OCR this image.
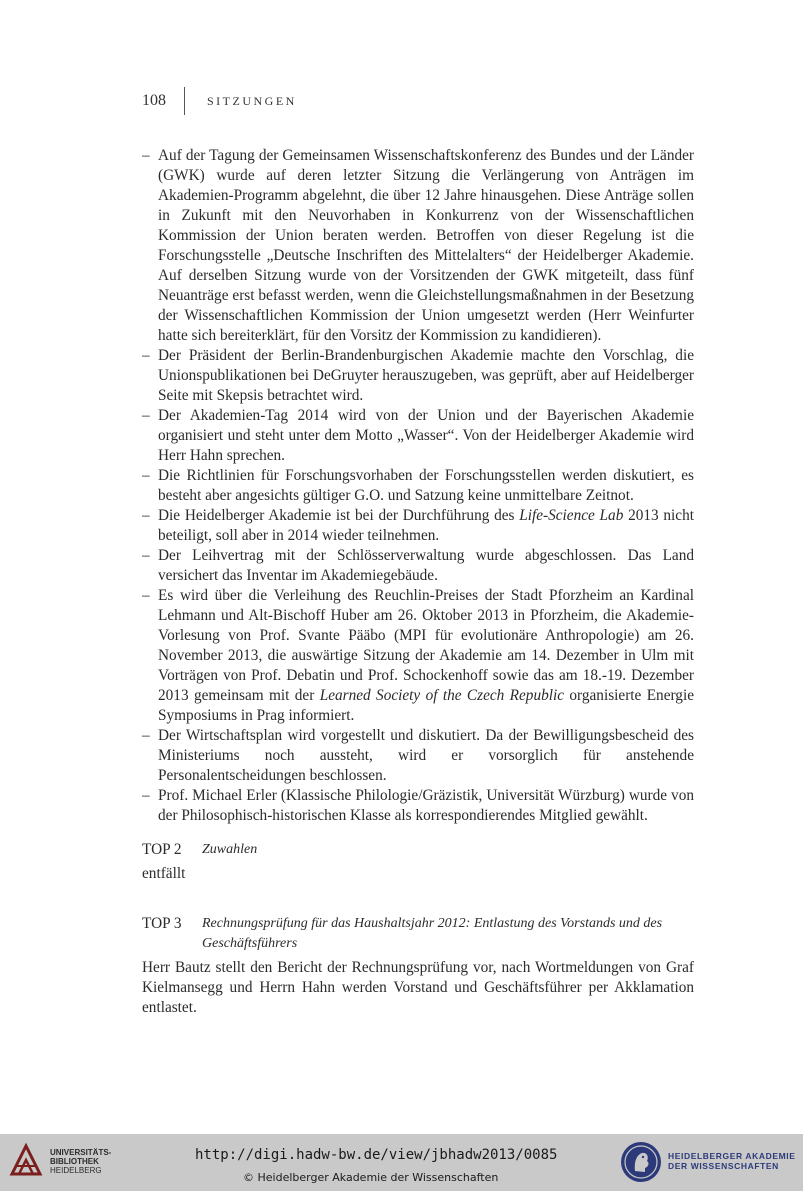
108	SITZUNGEN
– Auf der Tagung der Gemeinsamen Wissenschaftskonferenz des Bundes und der Länder (GWK) wurde auf deren letzter Sitzung die Verlängerung von Anträgen im Akademien-Programm abgelehnt, die über 12 Jahre hinausgehen. Diese Anträge sollen in Zukunft mit den Neuvorhaben in Konkurrenz von der Wissenschaftlichen Kommission der Union beraten werden. Betroffen von dieser Regelung ist die Forschungsstelle „Deutsche Inschriften des Mittelalters“ der Heidelberger Akademie. Auf derselben Sitzung wurde von der Vorsitzenden der GWK mitgeteilt, dass fünf Neuanträge erst befasst werden, wenn die Gleichstellungsmaßnahmen in der Besetzung der Wissenschaftlichen Kommission der Union umgesetzt werden (Herr Weinfurter hatte sich bereiterklärt, für den Vorsitz der Kommission zu kandidieren).
– Der Präsident der Berlin-Brandenburgischen Akademie machte den Vorschlag, die Unionspublikationen bei DeGruyter herauszugeben, was geprüft, aber auf Heidelberger Seite mit Skepsis betrachtet wird.
– Der Akademien-Tag 2014 wird von der Union und der Bayerischen Akademie organisiert und steht unter dem Motto „Wasser“. Von der Heidelberger Akademie wird Herr Hahn sprechen.
– Die Richtlinien für Forschungsvorhaben der Forschungsstellen werden diskutiert, es besteht aber angesichts gültiger G.O. und Satzung keine unmittelbare Zeitnot.
– Die Heidelberger Akademie ist bei der Durchführung des Life-Science Lab 2013 nicht beteiligt, soll aber in 2014 wieder teilnehmen.
– Der Leihvertrag mit der Schlösserverwaltung wurde abgeschlossen. Das Land versichert das Inventar im Akademiegebäude.
– Es wird über die Verleihung des Reuchlin-Preises der Stadt Pforzheim an Kardinal Lehmann und Alt-Bischoff Huber am 26. Oktober 2013 in Pforzheim, die Akademie-Vorlesung von Prof. Svante Pääbo (MPI für evolutionäre Anthropologie) am 26. November 2013, die auswärtige Sitzung der Akademie am 14. Dezember in Ulm mit Vorträgen von Prof. Debatin und Prof. Schockenhoff sowie das am 18.-19. Dezember 2013 gemeinsam mit der Learned Society of the Czech Republic organisierte Energie Symposiums in Prag informiert.
– Der Wirtschaftsplan wird vorgestellt und diskutiert. Da der Bewilligungsbescheid des Ministeriums noch aussteht, wird er vorsorglich für anstehende Personalentscheidungen beschlossen.
– Prof. Michael Erler (Klassische Philologie/Gräzistik, Universität Würzburg) wurde von der Philosophisch-historischen Klasse als korrespondierendes Mitglied gewählt.
TOP 2	Zuwahlen

entfällt

TOP 3	Rechnungsprüfung für das Haushaltsjahr 2012: Entlastung des Vorstands und des Geschäftsführers

Herr Bautz stellt den Bericht der Rechnungsprüfung vor, nach Wortmeldungen von Graf Kielmansegg und Herrn Hahn werden Vorstand und Geschäftsführer per Akklamation entlastet.

UNIVERSITÄTS-
BIBLIOTHEK
HEIDELBERG
http://digi.hadw-bw.de/view/jbhadw2013/0085
© Heidelberger Akademie der Wissenschaften
HEIDELBERGER AKADEMIE
DER WISSENSCHAFTEN
